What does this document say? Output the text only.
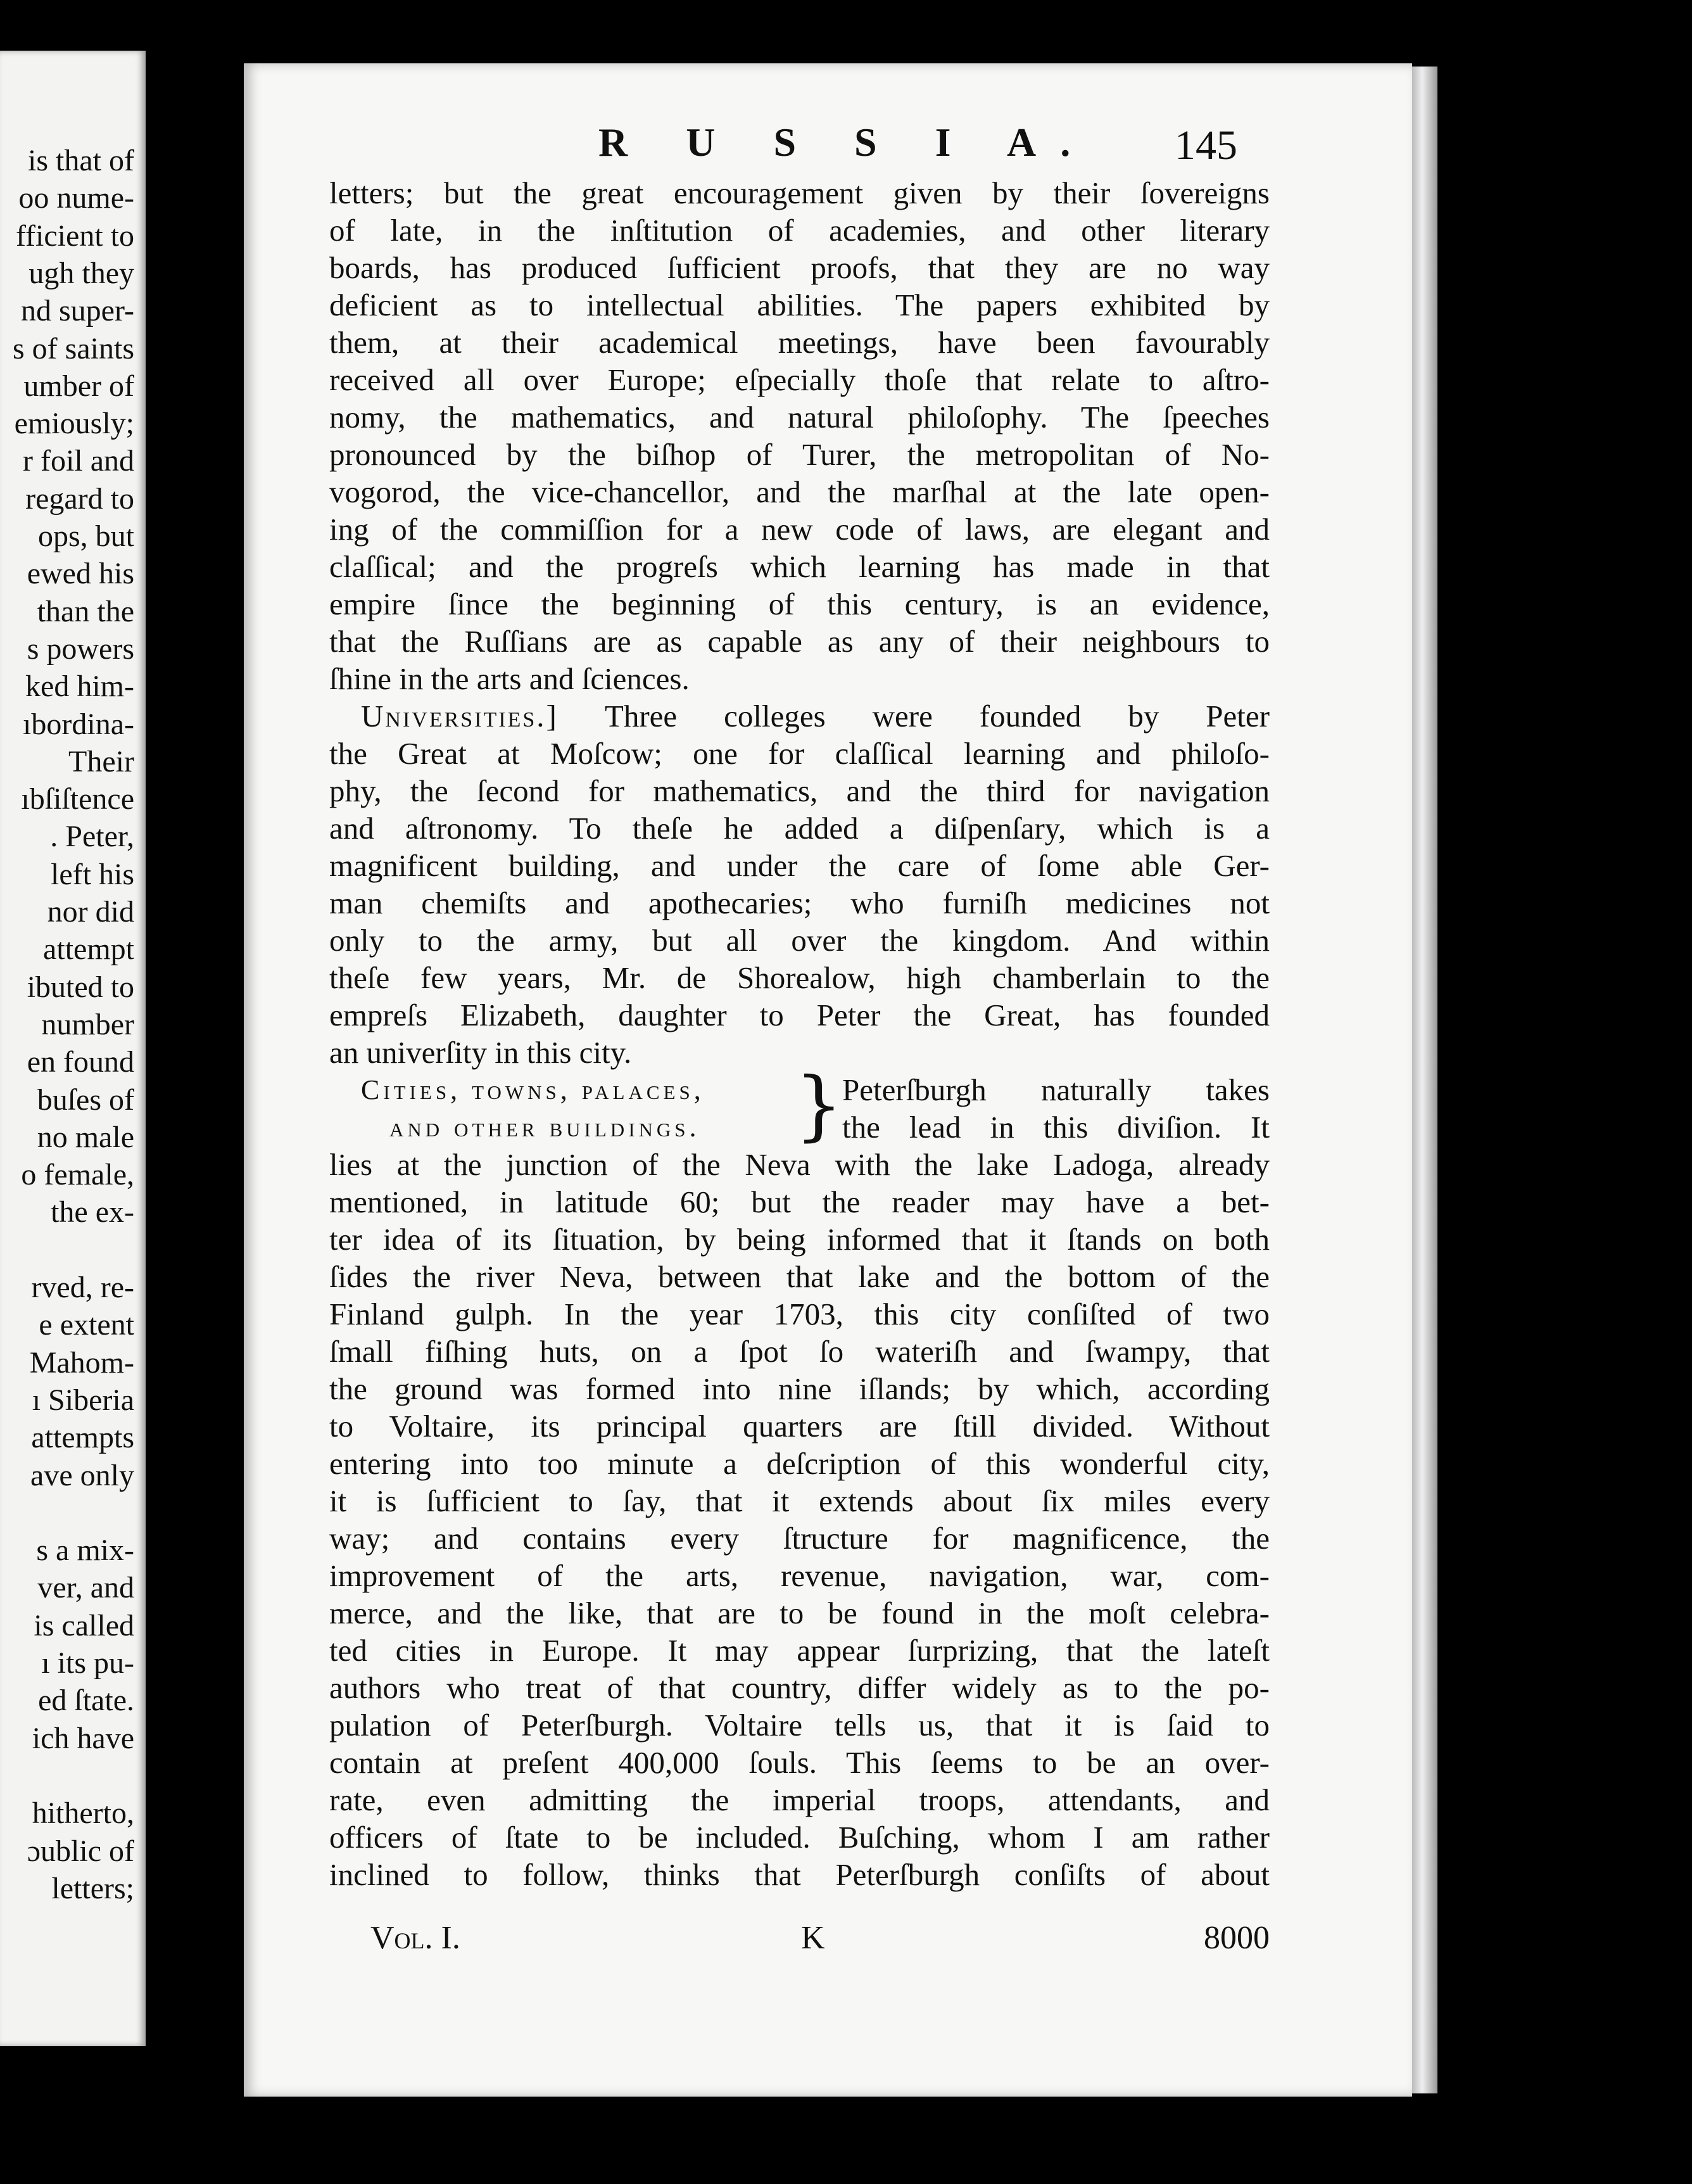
is that of
oo nume-
fficient to
ugh they
nd super-
s of saints
umber of
emiously;
r foil and
regard to
ops, but
ewed his
than the
s powers
ked him-
ıbordina-
Their
ıbſiſtence
. Peter,
left his
nor did
attempt
ibuted to
number
en found
buſes of
no male
o female,
the ex-
rved, re-
e extent
Mahom-
ı Siberia
attempts
ave only
s a mix-
ver, and
is called
ı its pu-
ed ſtate.
ich have
hitherto,
ɔublic of
letters;
R U S S I A. 145
letters; but the great encouragement given by their ſovereigns
of late, in the inſtitution of academies, and other literary
boards, has produced ſufficient proofs, that they are no way
deficient as to intellectual abilities. The papers exhibited by
them, at their academical meetings, have been favourably
received all over Europe; eſpecially thoſe that relate to aſtro-
nomy, the mathematics, and natural philoſophy. The ſpeeches
pronounced by the biſhop of Turer, the metropolitan of No-
vogorod, the vice-chancellor, and the marſhal at the late open-
ing of the commiſſion for a new code of laws, are elegant and
claſſical; and the progreſs which learning has made in that
empire ſince the beginning of this century, is an evidence,
that the Ruſſians are as capable as any of their neighbours to
ſhine in the arts and ſciences.
Universities.] Three colleges were founded by Peter
the Great at Moſcow; one for claſſical learning and philoſo-
phy, the ſecond for mathematics, and the third for navigation
and aſtronomy. To theſe he added a diſpenſary, which is a
magnificent building, and under the care of ſome able Ger-
man chemiſts and apothecaries; who furniſh medicines not
only to the army, but all over the kingdom. And within
theſe few years, Mr. de Shorealow, high chamberlain to the
empreſs Elizabeth, daughter to Peter the Great, has founded
an univerſity in this city.
Cities, towns, palaces,
and other buildings.	}
Peterſburgh naturally takes
the lead in this diviſion. It
lies at the junction of the Neva with the lake Ladoga, already
mentioned, in latitude 60; but the reader may have a bet-
ter idea of its ſituation, by being informed that it ſtands on both
ſides the river Neva, between that lake and the bottom of the
Finland gulph. In the year 1703, this city conſiſted of two
ſmall fiſhing huts, on a ſpot ſo wateriſh and ſwampy, that
the ground was formed into nine iſlands; by which, according
to Voltaire, its principal quarters are ſtill divided. Without
entering into too minute a deſcription of this wonderful city,
it is ſufficient to ſay, that it extends about ſix miles every
way; and contains every ſtructure for magnificence, the
improvement of the arts, revenue, navigation, war, com-
merce, and the like, that are to be found in the moſt celebra-
ted cities in Europe. It may appear ſurprizing, that the lateſt
authors who treat of that country, differ widely as to the po-
pulation of Peterſburgh. Voltaire tells us, that it is ſaid to
contain at preſent 400,000 ſouls. This ſeems to be an over-
rate, even admitting the imperial troops, attendants, and
officers of ſtate to be included. Buſching, whom I am rather
inclined to follow, thinks that Peterſburgh conſiſts of about
Vol. I.	K	8000
